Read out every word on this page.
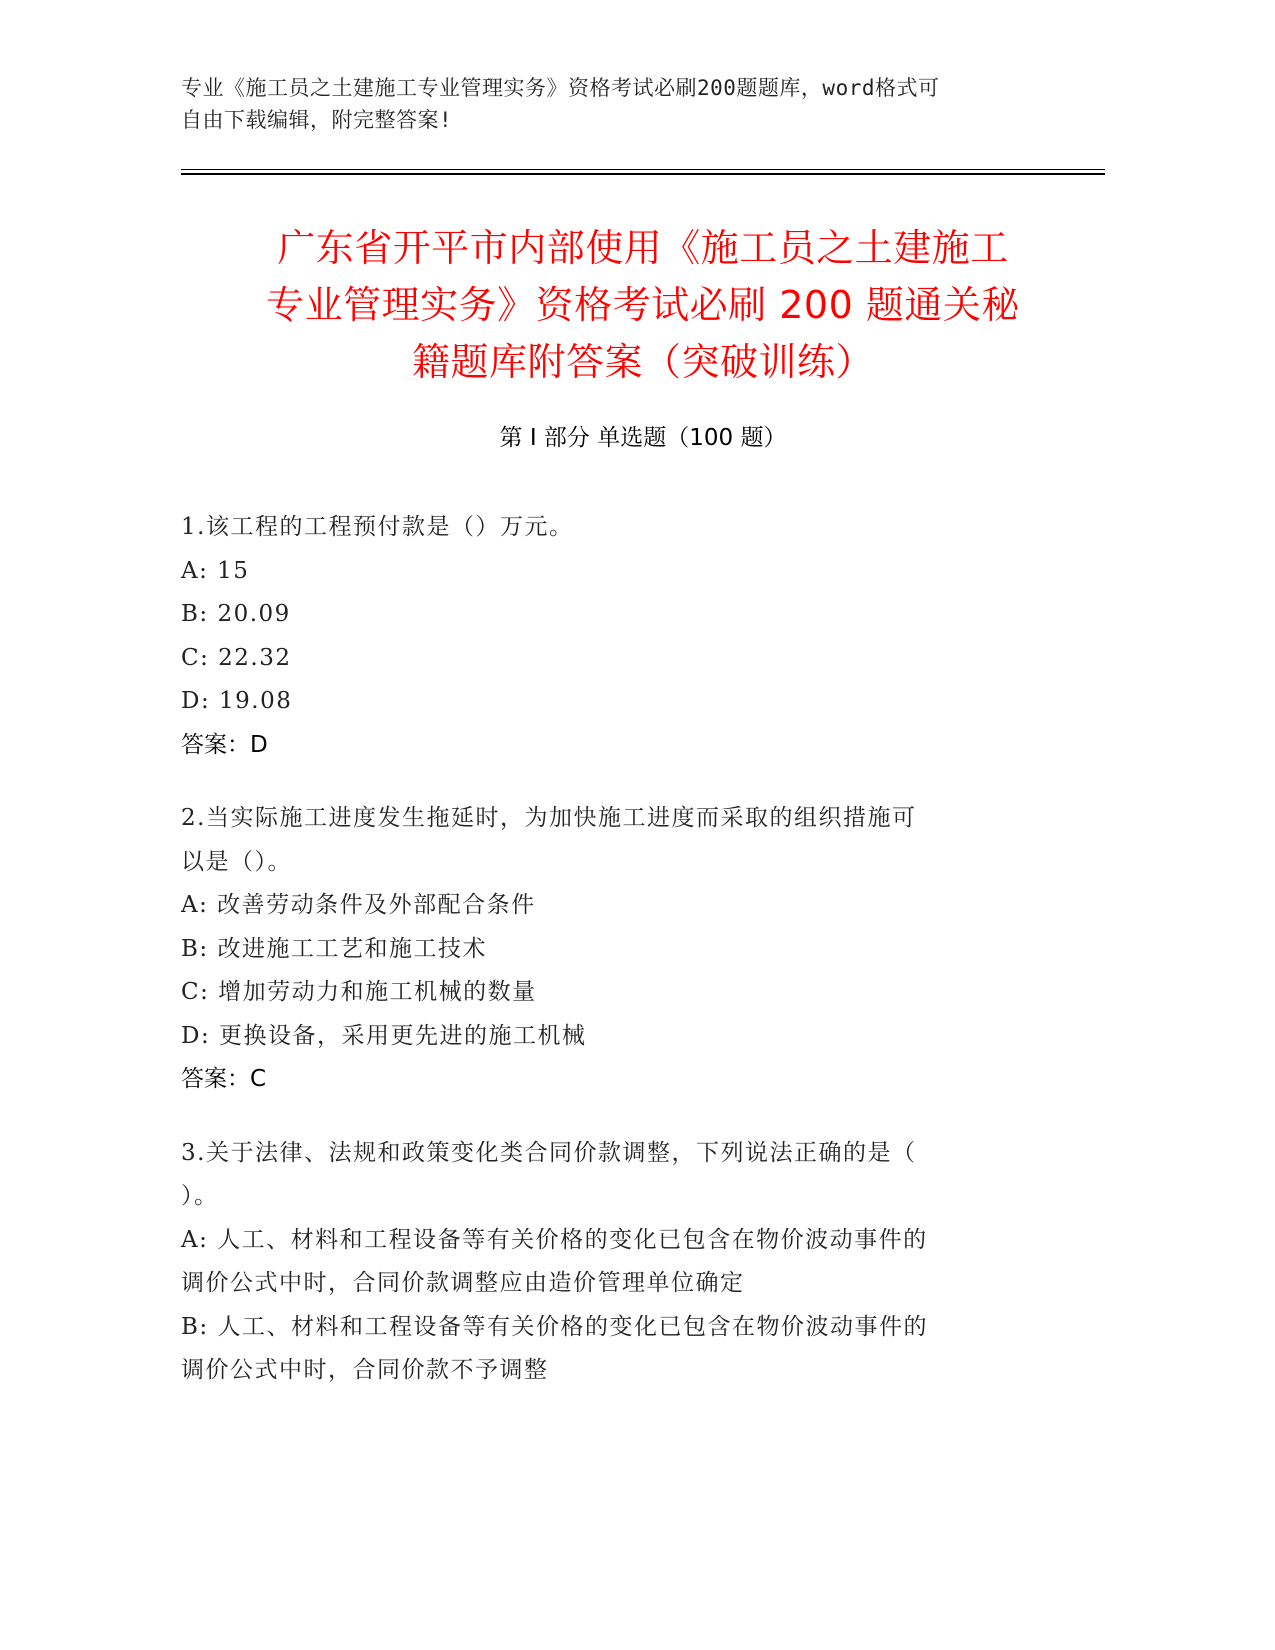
专业《施工员之土建施工专业管理实务》资格考试必刷200题题库，word格式可
自由下载编辑，附完整答案!
广东省开平市内部使用《施工员之土建施工
专业管理实务》资格考试必刷 200 题通关秘
籍题库附答案（突破训练）
第 I 部分 单选题（100 题）

1.该工程的工程预付款是（）万元。

A: 15

B: 20.09

C: 22.32

D: 19.08

答案：D

2.当实际施工进度发生拖延时，为加快施工进度而采取的组织措施可

以是（）。

A: 改善劳动条件及外部配合条件

B: 改进施工工艺和施工技术

C: 增加劳动力和施工机械的数量

D: 更换设备，采用更先进的施工机械

答案：C

3.关于法律、法规和政策变化类合同价款调整，下列说法正确的是（

）。

A: 人工、材料和工程设备等有关价格的变化已包含在物价波动事件的

调价公式中时，合同价款调整应由造价管理单位确定

B: 人工、材料和工程设备等有关价格的变化已包含在物价波动事件的

调价公式中时，合同价款不予调整
